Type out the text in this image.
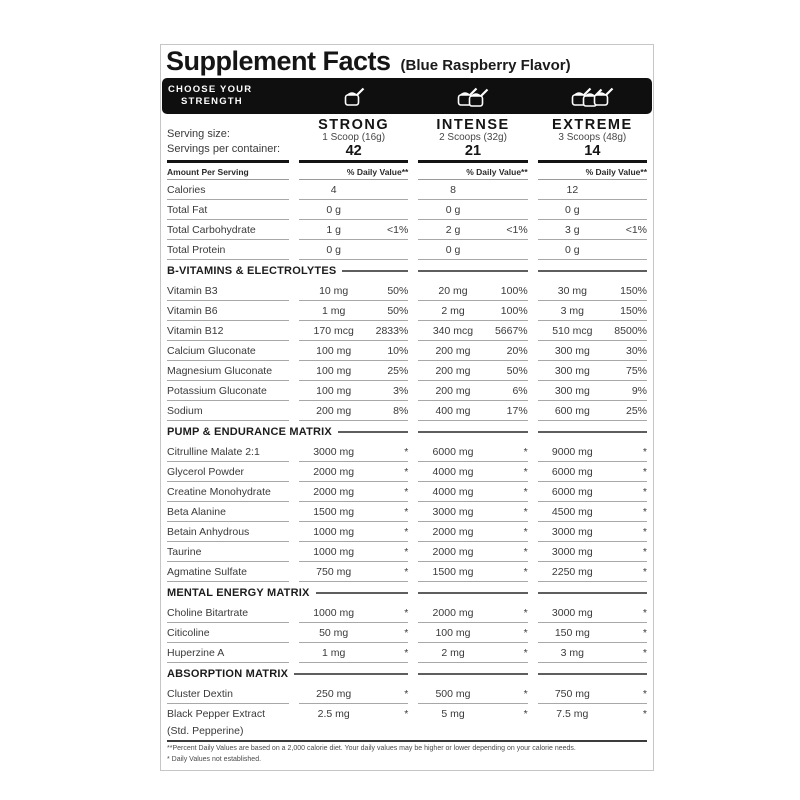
Supplement Facts (Blue Raspberry Flavor)
CHOOSE YOUR
STRENGTH
Serving size:
Servings per container:
STRONG
1 Scoop (16g)
42
INTENSE
2 Scoops (32g)
21
EXTREME
3 Scoops (48g)
14
Amount Per Serving	% Daily Value**	% Daily Value**	% Daily Value**
Calories	4	8	12
Total Fat	0 g	0 g	0 g
Total Carbohydrate	1 g	<1%	2 g	<1%	3 g	<1%
Total Protein	0 g	0 g	0 g
B-VITAMINS & ELECTROLYTES
Vitamin B3	10 mg	50%	20 mg	100%	30 mg	150%
Vitamin B6	1 mg	50%	2 mg	100%	3 mg	150%
Vitamin B12	170 mcg	2833%	340 mcg	5667%	510 mcg	8500%
Calcium Gluconate	100 mg	10%	200 mg	20%	300 mg	30%
Magnesium Gluconate	100 mg	25%	200 mg	50%	300 mg	75%
Potassium Gluconate	100 mg	3%	200 mg	6%	300 mg	9%
Sodium	200 mg	8%	400 mg	17%	600 mg	25%
PUMP & ENDURANCE MATRIX
Citrulline Malate 2:1	3000 mg	*	6000 mg	*	9000 mg	*
Glycerol Powder	2000 mg	*	4000 mg	*	6000 mg	*
Creatine Monohydrate	2000 mg	*	4000 mg	*	6000 mg	*
Beta Alanine	1500 mg	*	3000 mg	*	4500 mg	*
Betain Anhydrous	1000 mg	*	2000 mg	*	3000 mg	*
Taurine	1000 mg	*	2000 mg	*	3000 mg	*
Agmatine Sulfate	750 mg	*	1500 mg	*	2250 mg	*
MENTAL ENERGY MATRIX
Choline Bitartrate	1000 mg	*	2000 mg	*	3000 mg	*
Citicoline	50 mg	*	100 mg	*	150 mg	*
Huperzine A	1 mg	*	2 mg	*	3 mg	*
ABSORPTION MATRIX
Cluster Dextin	250 mg	*	500 mg	*	750 mg	*
Black Pepper Extract	2.5 mg	*	5 mg	*	7.5 mg	*
(Std. Pepperine)
**Percent Daily Values are based on a 2,000 calorie diet. Your daily values may be higher or lower depending on your calorie needs.
* Daily Values not established.
